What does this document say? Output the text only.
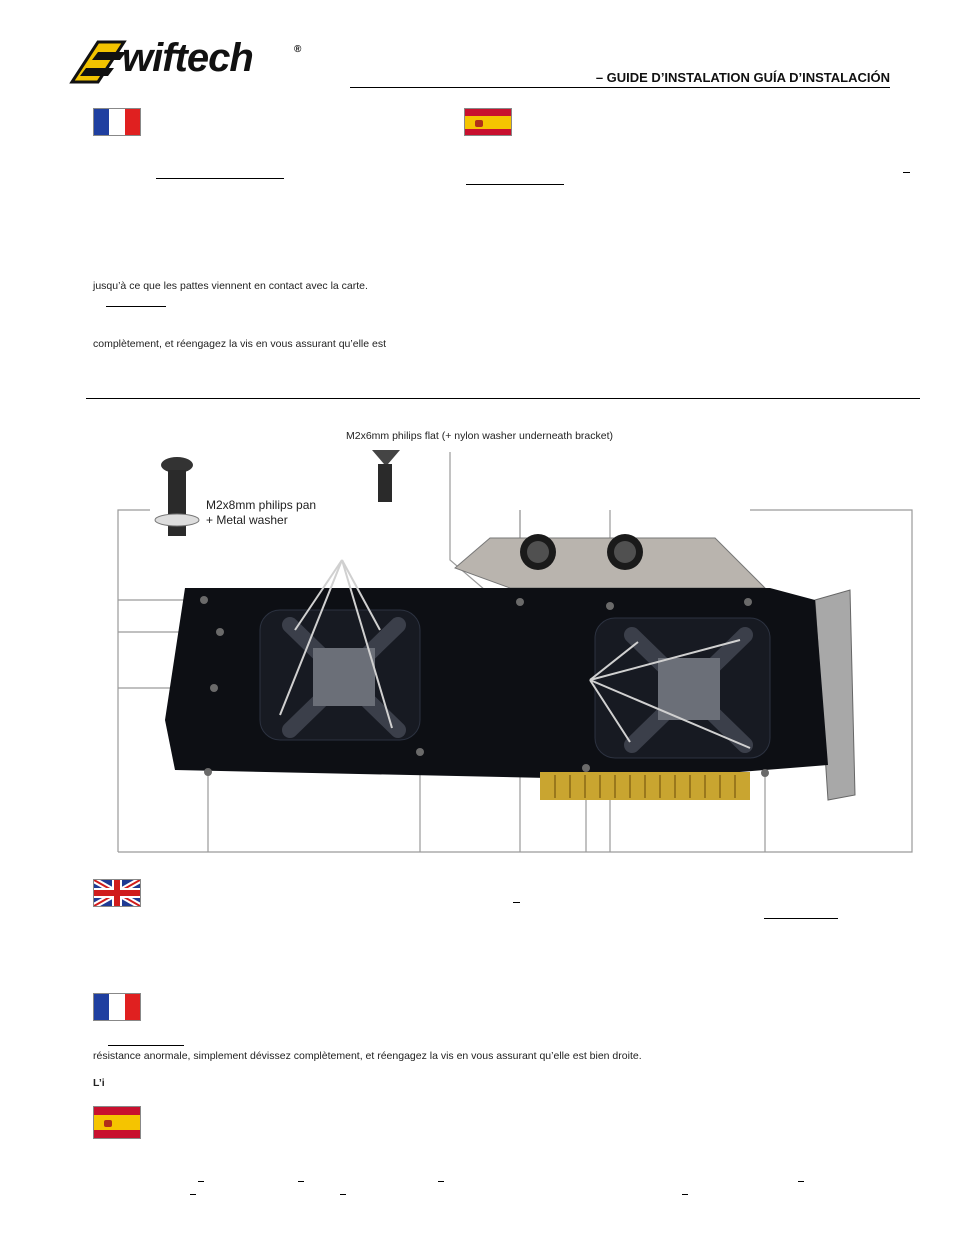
wiftech	®
– GUIDE D’INSTALATION GUÍA D’INSTALACIÓN
jusqu’à ce que les pattes viennent en contact avec la carte.
complètement, et réengagez la vis en vous assurant qu’elle est
M2x6mm philips flat (+ nylon washer underneath bracket)
M2x8mm philips pan
+ Metal washer
résistance anormale, simplement dévissez complètement, et réengagez la vis en vous assurant qu’elle est bien droite.
L’i
